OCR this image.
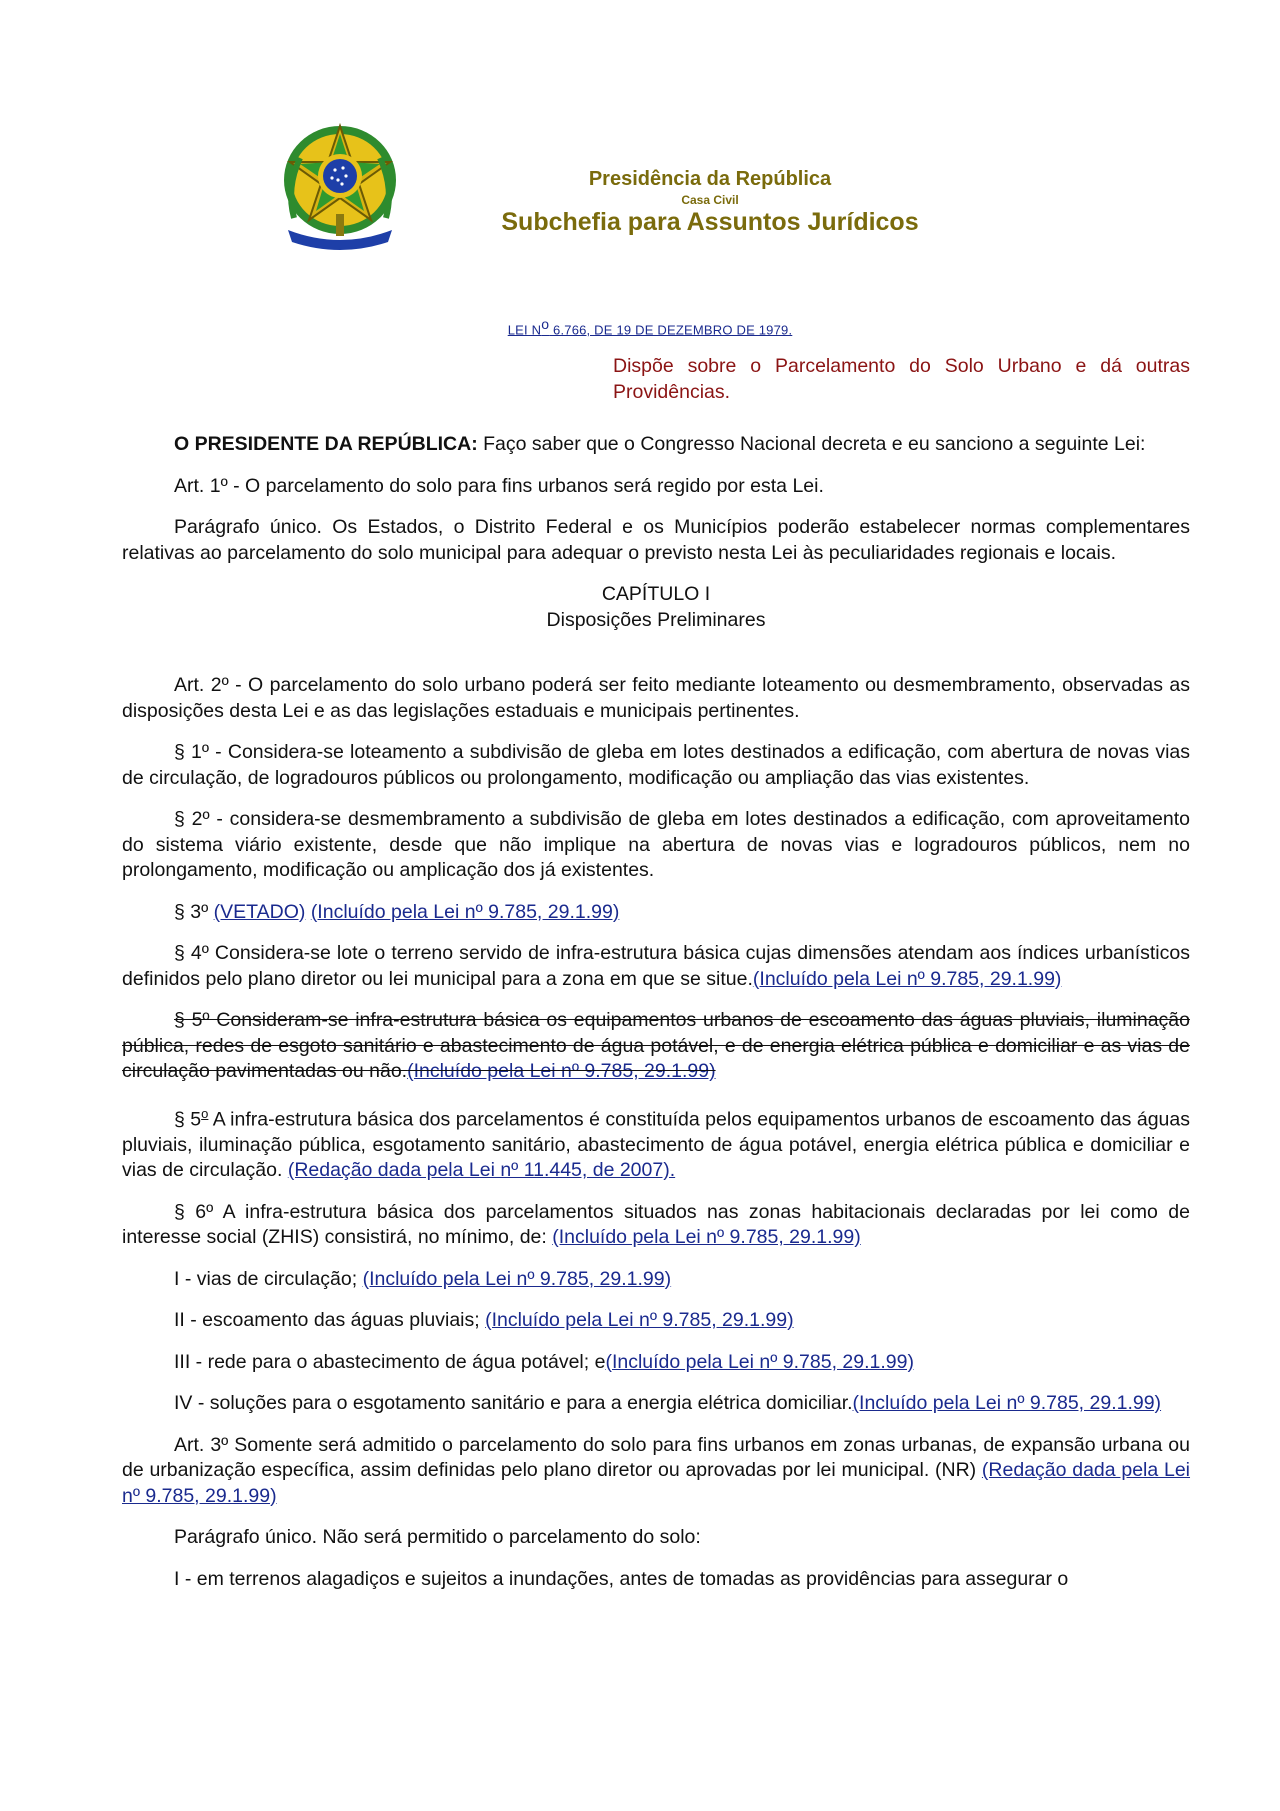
Presidência da República
Casa Civil
Subchefia para Assuntos Jurídicos
LEI $N^o$ 6.766, DE 19 DE DEZEMBRO DE 1979.
Dispõe sobre o Parcelamento do Solo Urbano e dá outras Providências.

O PRESIDENTE DA REPÚBLICA: Faço saber que o Congresso Nacional decreta e eu sanciono a seguinte Lei:

Art. 1º - O parcelamento do solo para fins urbanos será regido por esta Lei.

Parágrafo único. Os Estados, o Distrito Federal e os Municípios poderão estabelecer normas complementares relativas ao parcelamento do solo municipal para adequar o previsto nesta Lei às peculiaridades regionais e locais.

CAPÍTULO I
Disposições Preliminares

Art. 2º - O parcelamento do solo urbano poderá ser feito mediante loteamento ou desmembramento, observadas as disposições desta Lei e as das legislações estaduais e municipais pertinentes.

§ 1º - Considera-se loteamento a subdivisão de gleba em lotes destinados a edificação, com abertura de novas vias de circulação, de logradouros públicos ou prolongamento, modificação ou ampliação das vias existentes.

§ 2º - considera-se desmembramento a subdivisão de gleba em lotes destinados a edificação, com aproveitamento do sistema viário existente, desde que não implique na abertura de novas vias e logradouros públicos, nem no prolongamento, modificação ou amplicação dos já existentes.

§ 3º (VETADO) (Incluído pela Lei nº 9.785, 29.1.99)

§ 4º Considera-se lote o terreno servido de infra-estrutura básica cujas dimensões atendam aos índices urbanísticos definidos pelo plano diretor ou lei municipal para a zona em que se situe.(Incluído pela Lei nº 9.785, 29.1.99)

§ 5º Consideram-se infra-estrutura básica os equipamentos urbanos de escoamento das águas pluviais, iluminação pública, redes de esgoto sanitário e abastecimento de água potável, e de energia elétrica pública e domiciliar e as vias de circulação pavimentadas ou não.(Incluído pela Lei nº 9.785, 29.1.99)

§ 5$^o$ A infra-estrutura básica dos parcelamentos é constituída pelos equipamentos urbanos de escoamento das águas pluviais, iluminação pública, esgotamento sanitário, abastecimento de água potável, energia elétrica pública e domiciliar e vias de circulação. (Redação dada pela Lei nº 11.445, de 2007).

§ 6º A infra-estrutura básica dos parcelamentos situados nas zonas habitacionais declaradas por lei como de interesse social (ZHIS) consistirá, no mínimo, de: (Incluído pela Lei nº 9.785, 29.1.99)

I - vias de circulação; (Incluído pela Lei nº 9.785, 29.1.99)

II - escoamento das águas pluviais; (Incluído pela Lei nº 9.785, 29.1.99)

III - rede para o abastecimento de água potável; e(Incluído pela Lei nº 9.785, 29.1.99)

IV - soluções para o esgotamento sanitário e para a energia elétrica domiciliar.(Incluído pela Lei nº 9.785, 29.1.99)

Art. 3º Somente será admitido o parcelamento do solo para fins urbanos em zonas urbanas, de expansão urbana ou de urbanização específica, assim definidas pelo plano diretor ou aprovadas por lei municipal. (NR) (Redação dada pela Lei nº 9.785, 29.1.99)

Parágrafo único. Não será permitido o parcelamento do solo:

I - em terrenos alagadiços e sujeitos a inundações, antes de tomadas as providências para assegurar o
